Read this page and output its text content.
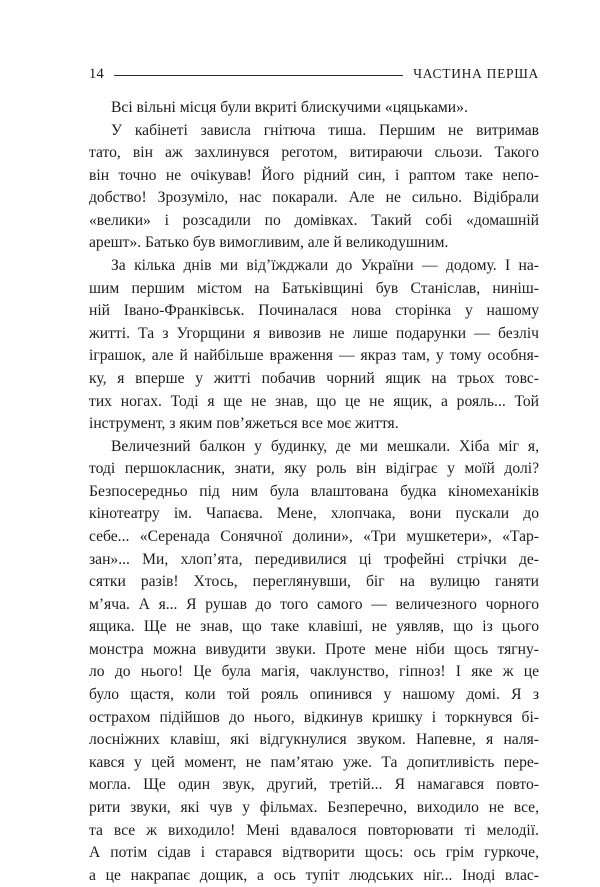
14	ЧАСТИНА ПЕРША
Всі вільні місця були вкриті блискучими «цяцьками».
У кабінеті зависла гнітюча тиша. Першим не витримав
тато, він аж захлинувся реготом, витираючи сльози. Такого
він точно не очікував! Його рідний син, і раптом таке непо-
добство! Зрозуміло, нас покарали. Але не сильно. Відібрали
«велики» і розсадили по домівках. Такий собі «домашній
арешт». Батько був вимогливим, але й великодушним.
За кілька днів ми від’їжджали до України — додому. І на-
шим першим містом на Батьківщині був Станіслав, нинiш-
ній Івано-Франківськ. Починалася нова сторінка у нашому
житті. Та з Угорщини я вивозив не лише подарунки — безліч
іграшок, але й найбільше враження — якраз там, у тому особня-
ку, я вперше у житті побачив чорний ящик на трьох товс-
тих ногах. Тоді я ще не знав, що це не ящик, а рояль... Той
інструмент, з яким пов’яжеться все моє життя.
Величезний балкон у будинку, де ми мешкали. Хіба міг я,
тоді першокласник, знати, яку роль він відіграє у моїй долі?
Безпосередньо під ним була влаштована будка кіномеханіків
кінотеатру ім. Чапаєва. Мене, хлопчака, вони пускали до
себе... «Серенада Сонячної долини», «Три мушкетери», «Тар-
зан»... Ми, хлоп’ята, передивилися ці трофейні стрічки де-
сятки разів! Хтось, переглянувши, біг на вулицю ганяти
м’яча. А я... Я рушав до того самого — величезного чорного
ящика. Ще не знав, що таке клавіші, не уявляв, що із цього
монстра можна вивудити звуки. Проте мене ніби щось тягну-
ло до нього! Це була магія, чаклунство, гіпноз! І яке ж це
було щастя, коли той рояль опинився у нашому домі. Я з
острахом підійшов до нього, відкинув кришку і торкнувся бі-
лосніжних клавіш, які відгукнулися звуком. Напевне, я наля-
кався у цей момент, не пам’ятаю уже. Та допитливість пере-
могла. Ще один звук, другий, третій... Я намагався повто-
рити звуки, які чув у фільмах. Безперечно, виходило не все,
та все ж виходило! Мені вдавалося повторювати ті мелодії.
А потім сідав і старався відтворити щось: ось грім гуркоче,
а це накрапає дощик, а ось тупіт людських ніг... Іноді влас-
